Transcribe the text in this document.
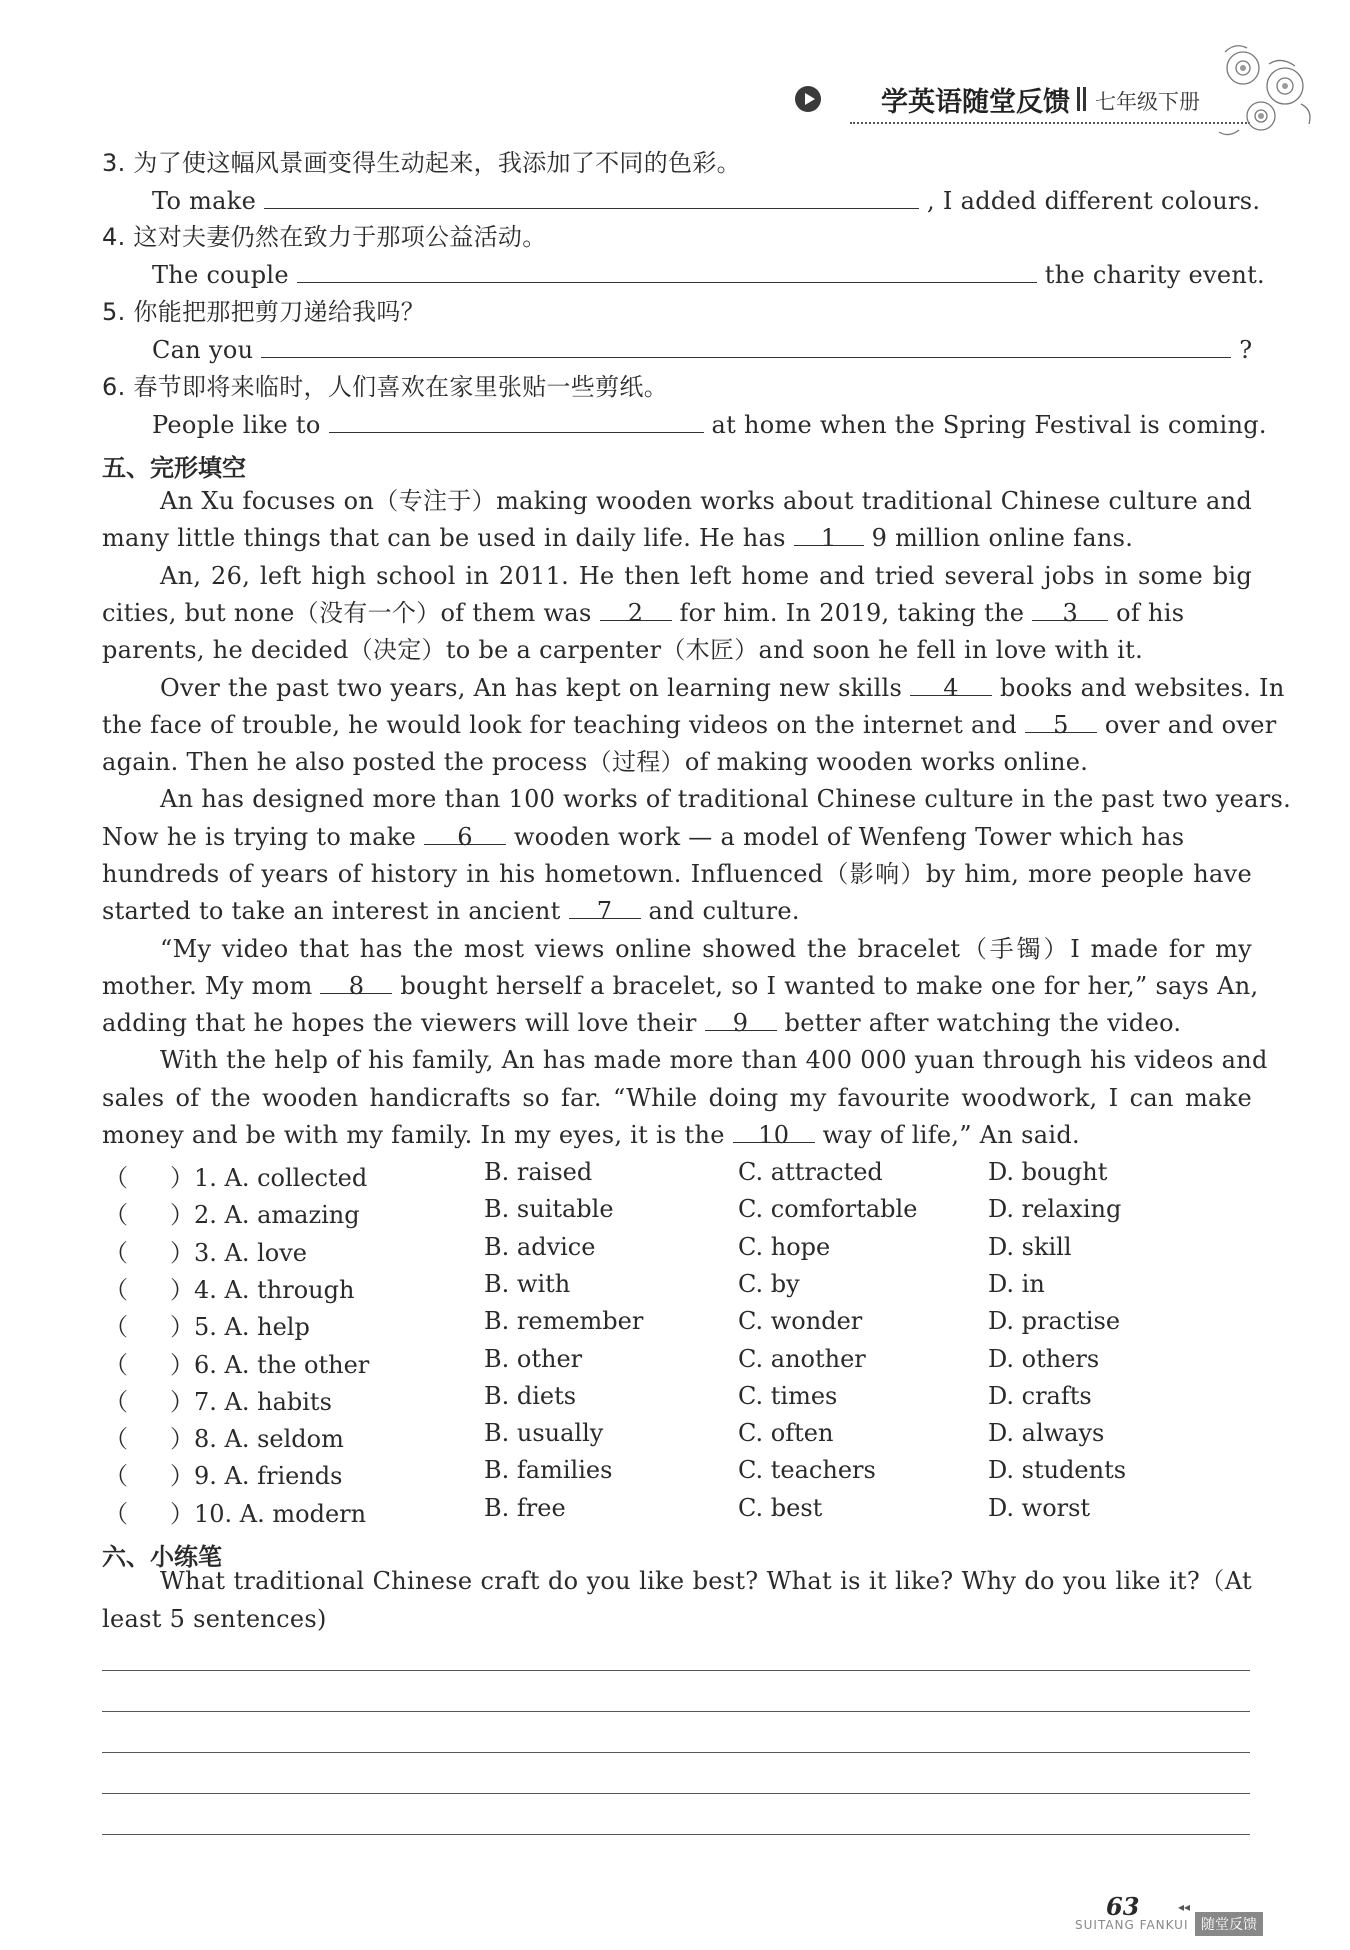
学英语随堂反馈 七年级下册
3. 为了使这幅风景画变得生动起来，我添加了不同的色彩。
To make	, I added different colours.
4. 这对夫妻仍然在致力于那项公益活动。
The couple	the charity event.
5. 你能把那把剪刀递给我吗？
Can you	?
6. 春节即将来临时，人们喜欢在家里张贴一些剪纸。
People like to	at home when the Spring Festival is coming.
五、完形填空
An Xu focuses on（专注于）making wooden works about traditional Chinese culture and
many little things that can be used in daily life. He has 1 9 million online fans.
An, 26, left high school in 2011. He then left home and tried several jobs in some big
cities, but none（没有一个）of them was 2 for him. In 2019, taking the 3 of his
parents, he decided（决定）to be a carpenter（木匠）and soon he fell in love with it.
Over the past two years, An has kept on learning new skills 4 books and websites. In
the face of trouble, he would look for teaching videos on the internet and 5 over and over
again. Then he also posted the process（过程）of making wooden works online.
An has designed more than 100 works of traditional Chinese culture in the past two years.
Now he is trying to make 6 wooden work — a model of Wenfeng Tower which has
hundreds of years of history in his hometown. Influenced（影响）by him, more people have
started to take an interest in ancient 7 and culture.
“My video that has the most views online showed the bracelet（手镯）I made for my
mother. My mom 8 bought herself a bracelet, so I wanted to make one for her,” says An,
adding that he hopes the viewers will love their 9 better after watching the video.
With the help of his family, An has made more than 400 000 yuan through his videos and
sales of the wooden handicrafts so far. “While doing my favourite woodwork, I can make
money and be with my family. In my eyes, it is the 10 way of life,” An said.
（ ）1. A. collected	B. raised	C. attracted	D. bought
（ ）2. A. amazing	B. suitable	C. comfortable	D. relaxing
（ ）3. A. love	B. advice	C. hope	D. skill
（ ）4. A. through	B. with	C. by	D. in
（ ）5. A. help	B. remember	C. wonder	D. practise
（ ）6. A. the other	B. other	C. another	D. others
（ ）7. A. habits	B. diets	C. times	D. crafts
（ ）8. A. seldom	B. usually	C. often	D. always
（ ）9. A. friends	B. families	C. teachers	D. students
（ ）10. A. modern	B. free	C. best	D. worst
六、小练笔
What traditional Chinese craft do you like best? What is it like? Why do you like it?（At
least 5 sentences)
63	◂◂
SUITANG FANKUI 随堂反馈
